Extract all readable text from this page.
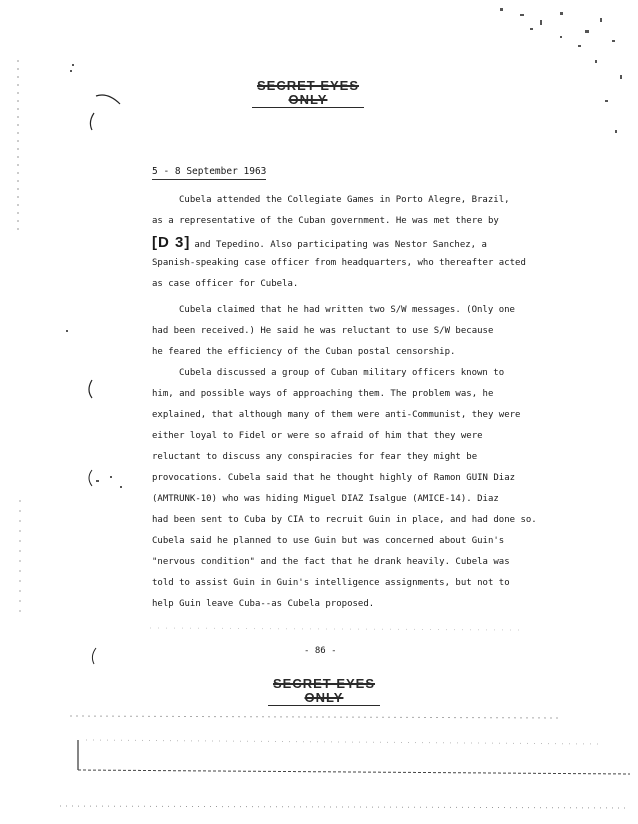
SECRET EYES ONLY
5 - 8 September 1963
Cubela attended the Collegiate Games in Porto Alegre, Brazil,
as a representative of the Cuban government. He was met there by
[D 3] and Tepedino. Also participating was Nestor Sanchez, a
Spanish-speaking case officer from headquarters, who thereafter acted
as case officer for Cubela.
Cubela claimed that he had written two S/W messages. (Only one
had been received.) He said he was reluctant to use S/W because
he feared the efficiency of the Cuban postal censorship.
Cubela discussed a group of Cuban military officers known to
him, and possible ways of approaching them. The problem was, he
explained, that although many of them were anti-Communist, they were
either loyal to Fidel or were so afraid of him that they were
reluctant to discuss any conspiracies for fear they might be
provocations. Cubela said that he thought highly of Ramon GUIN Diaz
(AMTRUNK-10) who was hiding Miguel DIAZ Isalgue (AMICE-14). Diaz
had been sent to Cuba by CIA to recruit Guin in place, and had done so.
Cubela said he planned to use Guin but was concerned about Guin's
"nervous condition" and the fact that he drank heavily. Cubela was
told to assist Guin in Guin's intelligence assignments, but not to
help Guin leave Cuba--as Cubela proposed.
- 86 -
SECRET EYES ONLY
